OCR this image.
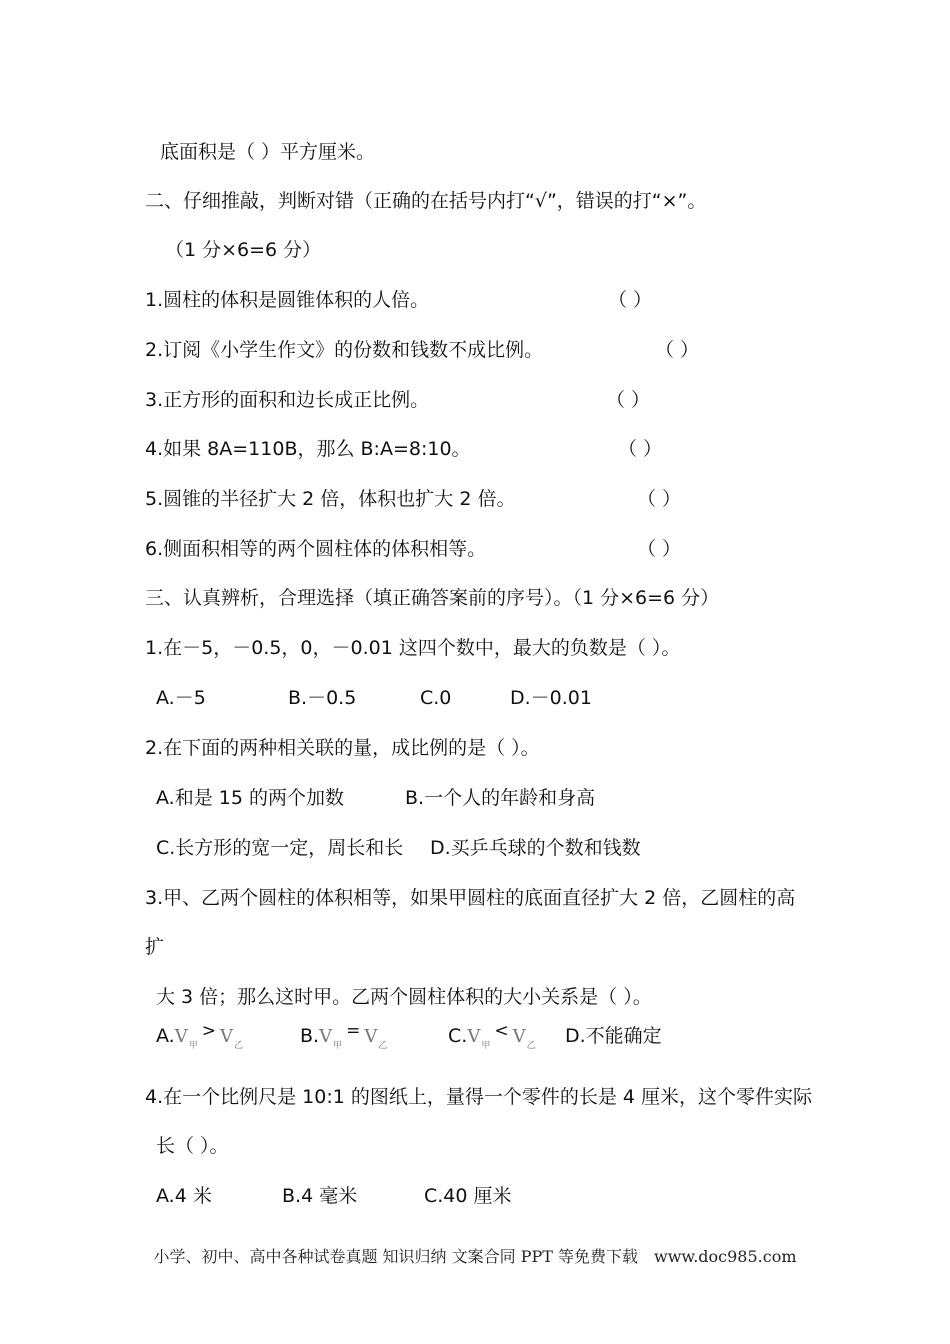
底面积是（ ）平方厘米。
二、仔细推敲，判断对错（正确的在括号内打“√”，错误的打“×”。
（1 分×6=6 分）
1.圆柱的体积是圆锥体积的人倍。	（ ）
2.订阅《小学生作文》的份数和钱数不成比例。	（ ）
3.正方形的面积和边长成正比例。	（ ）
4.如果 8A=110B，那么 B:A=8:10。	（ ）
5.圆锥的半径扩大 2 倍，体积也扩大 2 倍。	（ ）
6.侧面积相等的两个圆柱体的体积相等。	（ ）
三、认真辨析，合理选择（填正确答案前的序号）。（1 分×6=6 分）
1.在－5，－0.5，0，－0.01 这四个数中，最大的负数是（ ）。
A.－5	B.－0.5	C.0	D.－0.01
2.在下面的两种相关联的量，成比例的是（ ）。
A.和是 15 的两个加数	B.一个人的年龄和身高
C.长方形的宽一定，周长和长 D.买乒乓球的个数和钱数
3.甲、乙两个圆柱的体积相等，如果甲圆柱的底面直径扩大 2 倍，乙圆柱的高
扩
大 3 倍；那么这时甲。乙两个圆柱体积的大小关系是（ ）。
$A.V_甲> V_乙$	$B.V_甲= V_乙$	$C.V_甲< V_乙$ D.不能确定
4.在一个比例尺是 10:1 的图纸上，量得一个零件的长是 4 厘米，这个零件实际
长（ ）。
A.4 米	B.4 毫米	C.40 厘米
小学、初中、高中各种试卷真题 知识归纳 文案合同 PPT 等免费下载　www.doc985.com
